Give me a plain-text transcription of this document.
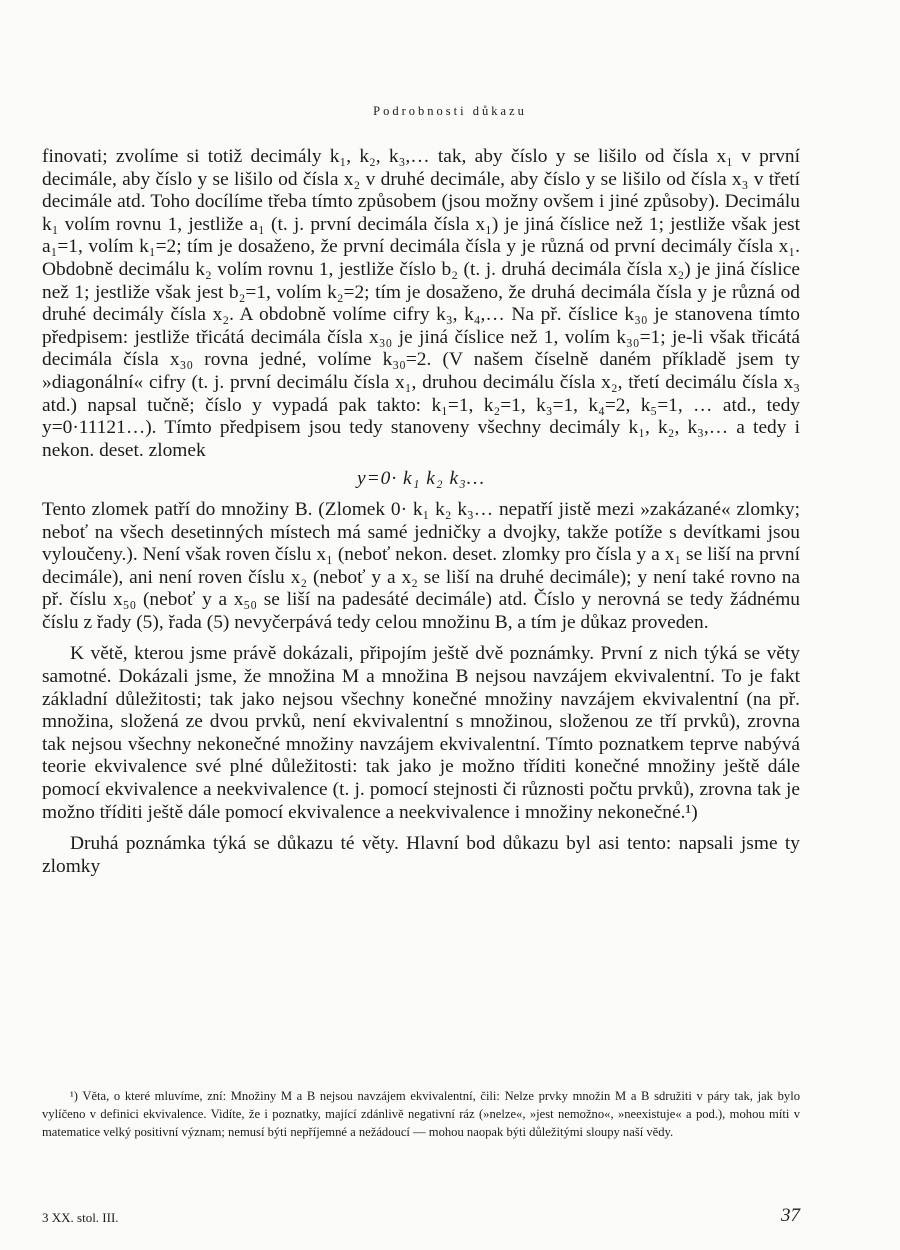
Podrobnosti důkazu

finovati; zvolíme si totiž decimály k₁, k₂, k₃,… tak, aby číslo y se lišilo od čísla x₁ v první decimále, aby číslo y se lišilo od čísla x₂ v druhé decimále, aby číslo y se lišilo od čísla x₃ v třetí decimále atd. Toho docílíme třeba tímto způsobem (jsou možny ovšem i jiné způsoby). Decimálu k₁ volím rovnu 1, jestliže a₁ (t. j. první decimála čísla x₁) je jiná číslice než 1; jestliže však jest a₁=1, volím k₁=2; tím je dosaženo, že první decimála čísla y je různá od první decimály čísla x₁. Obdobně decimálu k₂ volím rovnu 1, jestliže číslo b₂ (t. j. druhá decimála čísla x₂) je jiná číslice než 1; jestliže však jest b₂=1, volím k₂=2; tím je dosaženo, že druhá decimála čísla y je různá od druhé decimály čísla x₂. A obdobně volíme cifry k₃, k₄,… Na př. číslice k₃₀ je stanovena tímto předpisem: jestliže třicátá decimála čísla x₃₀ je jiná číslice než 1, volím k₃₀=1; je-li však třicátá decimála čísla x₃₀ rovna jedné, volíme k₃₀=2. (V našem číselně daném příkladě jsem ty »diagonální« cifry (t. j. první decimálu čísla x₁, druhou decimálu čísla x₂, třetí decimálu čísla x₃ atd.) napsal tučně; číslo y vypadá pak takto: k₁=1, k₂=1, k₃=1, k₄=2, k₅=1, … atd., tedy y=0·11121…). Tímto předpisem jsou tedy stanoveny všechny decimály k₁, k₂, k₃,… a tedy i nekon. deset. zlomek

y=0· k₁ k₂ k₃…

Tento zlomek patří do množiny B. (Zlomek 0· k₁ k₂ k₃… nepatří jistě mezi »zakázané« zlomky; neboť na všech desetinných místech má samé jedničky a dvojky, takže potíže s devítkami jsou vyloučeny.). Není však roven číslu x₁ (neboť nekon. deset. zlomky pro čísla y a x₁ se liší na první decimále), ani není roven číslu x₂ (neboť y a x₂ se liší na druhé decimále); y není také rovno na př. číslu x₅₀ (neboť y a x₅₀ se liší na padesáté decimále) atd. Číslo y nerovná se tedy žádnému číslu z řady (5), řada (5) nevyčerpává tedy celou množinu B, a tím je důkaz proveden.

K větě, kterou jsme právě dokázali, připojím ještě dvě poznámky. První z nich týká se věty samotné. Dokázali jsme, že množina M a množina B nejsou navzájem ekvivalentní. To je fakt základní důležitosti; tak jako nejsou všechny konečné množiny navzájem ekvivalentní (na př. množina, složená ze dvou prvků, není ekvivalentní s množinou, složenou ze tří prvků), zrovna tak nejsou všechny nekonečné množiny navzájem ekvivalentní. Tímto poznatkem teprve nabývá teorie ekvivalence své plné důležitosti: tak jako je možno tříditi konečné množiny ještě dále pomocí ekvivalence a neekvivalence (t. j. pomocí stejnosti či různosti počtu prvků), zrovna tak je možno tříditi ještě dále pomocí ekvivalence a neekvivalence i množiny nekonečné.¹)

Druhá poznámka týká se důkazu té věty. Hlavní bod důkazu byl asi tento: napsali jsme ty zlomky

¹) Věta, o které mluvíme, zní: Množiny M a B nejsou navzájem ekvivalentní, čili: Nelze prvky množin M a B sdružiti v páry tak, jak bylo vylíčeno v definici ekvivalence. Vidíte, že i poznatky, mající zdánlivě negativní ráz (»nelze«, »jest nemožno«, »neexistuje« a pod.), mohou míti v matematice velký positivní význam; nemusí býti nepříjemné a nežádoucí — mohou naopak býti důležitými sloupy naší vědy.

3 XX. stol. III.	37
